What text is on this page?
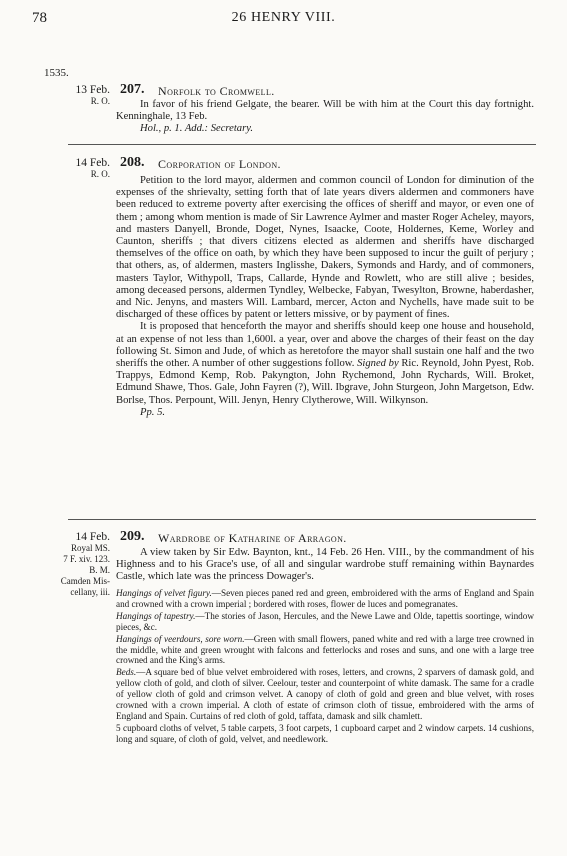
78	26 HENRY VIII.
1535.
13 Feb.
R. O.
207. Norfolk to Cromwell.

In favor of his friend Gelgate, the bearer. Will be with him at the Court this day fortnight. Kenninghale, 13 Feb.

Hol., p. 1. Add.: Secretary.

14 Feb.
R. O.
208. Corporation of London.

Petition to the lord mayor, aldermen and common council of London for diminution of the expenses of the shrievalty, setting forth that of late years divers aldermen and commoners have been reduced to extreme poverty after exercising the offices of sheriff and mayor, or even one of them ; among whom mention is made of Sir Lawrence Aylmer and master Roger Acheley, mayors, and masters Danyell, Bronde, Doget, Nynes, Isaacke, Coote, Holdernes, Keme, Worley and Caunton, sheriffs ; that divers citizens elected as aldermen and sheriffs have discharged themselves of the office on oath, by which they have been supposed to incur the guilt of perjury ; that others, as, of aldermen, masters Inglisshe, Dakers, Symonds and Hardy, and of commoners, masters Taylor, Withypoll, Traps, Callarde, Hynde and Rowlett, who are still alive ; besides, among deceased persons, aldermen Tyndley, Welbecke, Fabyan, Twesylton, Browne, haberdasher, and Nic. Jenyns, and masters Will. Lambard, mercer, Acton and Nychells, have made suit to be discharged of these offices by patent or letters missive, or by payment of fines.

It is proposed that henceforth the mayor and sheriffs should keep one house and household, at an expense of not less than 1,600l. a year, over and above the charges of their feast on the day following St. Simon and Jude, of which as heretofore the mayor shall sustain one half and the two sheriffs the other. A number of other suggestions follow. Signed by Ric. Reynold, John Pyest, Rob. Trappys, Edmond Kemp, Rob. Pakyngton, John Rychemond, John Rychards, Will. Broket, Edmund Shawe, Thos. Gale, John Fayren (?), Will. Ibgrave, John Sturgeon, John Margetson, Edw. Borlse, Thos. Perpount, Will. Jenyn, Henry Clytherowe, Will. Wilkynson.

Pp. 5.

14 Feb.
Royal MS.
7 F. xiv. 123.
B. M.
Camden Mis-
cellany, iii.
209. Wardrobe of Katharine of Arragon.

A view taken by Sir Edw. Baynton, knt., 14 Feb. 26 Hen. VIII., by the commandment of his Highness and to his Grace's use, of all and singular wardrobe stuff remaining within Baynardes Castle, which late was the princess Dowager's.

Hangings of velvet figury.—Seven pieces paned red and green, embroidered with the arms of England and Spain and crowned with a crown imperial ; bordered with roses, flower de luces and pomegranates.

Hangings of tapestry.—The stories of Jason, Hercules, and the Newe Lawe and Olde, tapettis soortinge, window pieces, &c.

Hangings of veerdours, sore worn.—Green with small flowers, paned white and red with a large tree crowned in the middle, white and green wrought with falcons and fetterlocks and roses and suns, and one with a large tree crowned and the King's arms.

Beds.—A square bed of blue velvet embroidered with roses, letters, and crowns, 2 sparvers of damask gold, and yellow cloth of gold, and cloth of silver. Ceelour, tester and counterpoint of white damask. The same for a cradle of yellow cloth of gold and crimson velvet. A canopy of cloth of gold and green and blue velvet, with roses crowned with a crown imperial. A cloth of estate of crimson cloth of tissue, embroidered with the arms of England and Spain. Curtains of red cloth of gold, taffata, damask and silk chamlett.

5 cupboard cloths of velvet, 5 table carpets, 3 foot carpets, 1 cupboard carpet and 2 window carpets. 14 cushions, long and square, of cloth of gold, velvet, and needlework.
